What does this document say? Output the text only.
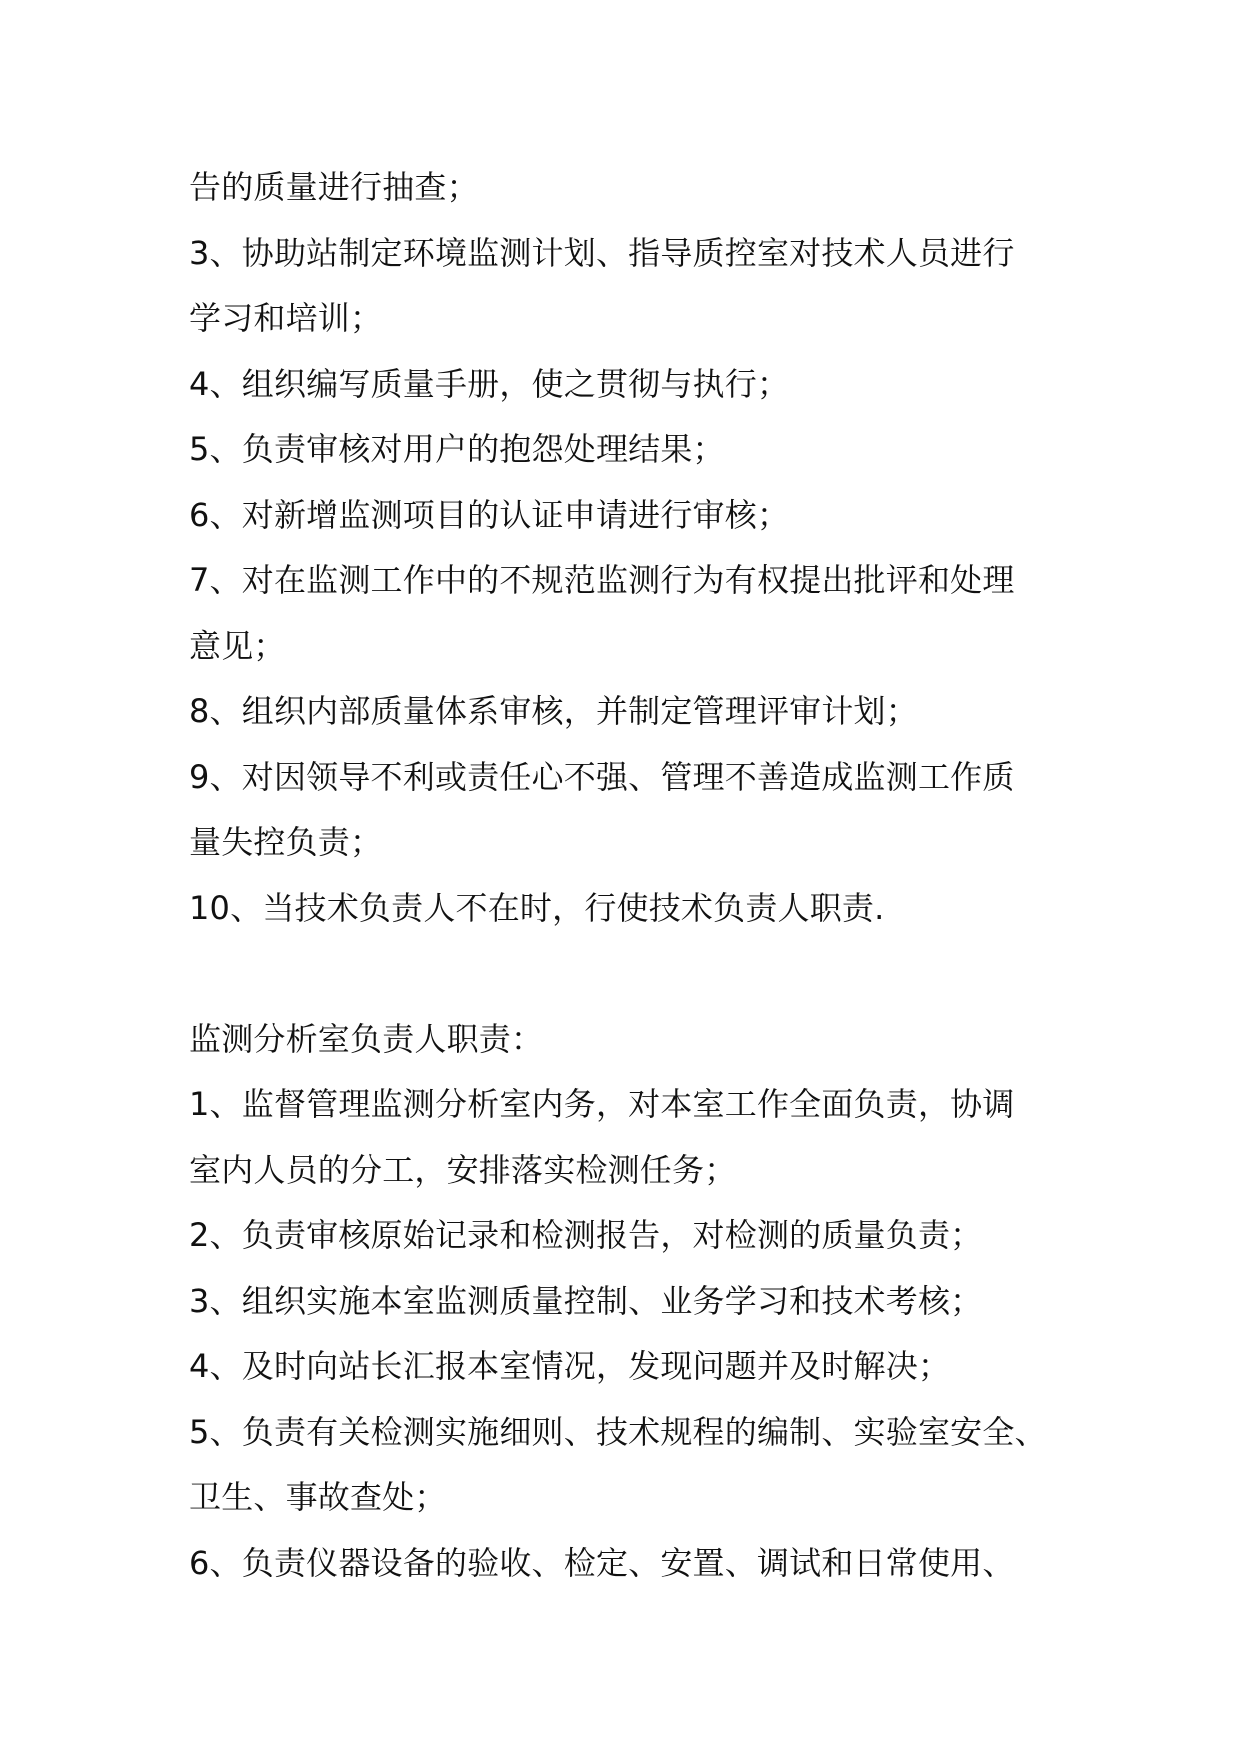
告的质量进行抽查；
3、协助站制定环境监测计划、指导质控室对技术人员进行
学习和培训；
4、组织编写质量手册，使之贯彻与执行；
5、负责审核对用户的抱怨处理结果；
6、对新增监测项目的认证申请进行审核；
7、对在监测工作中的不规范监测行为有权提出批评和处理
意见；
8、组织内部质量体系审核，并制定管理评审计划；
9、对因领导不利或责任心不强、管理不善造成监测工作质
量失控负责；
10、当技术负责人不在时，行使技术负责人职责.
监测分析室负责人职责：
1、监督管理监测分析室内务，对本室工作全面负责，协调
室内人员的分工，安排落实检测任务；
2、负责审核原始记录和检测报告，对检测的质量负责；
3、组织实施本室监测质量控制、业务学习和技术考核；
4、及时向站长汇报本室情况，发现问题并及时解决；
5、负责有关检测实施细则、技术规程的编制、实验室安全、
卫生、事故查处；
6、负责仪器设备的验收、检定、安置、调试和日常使用、
